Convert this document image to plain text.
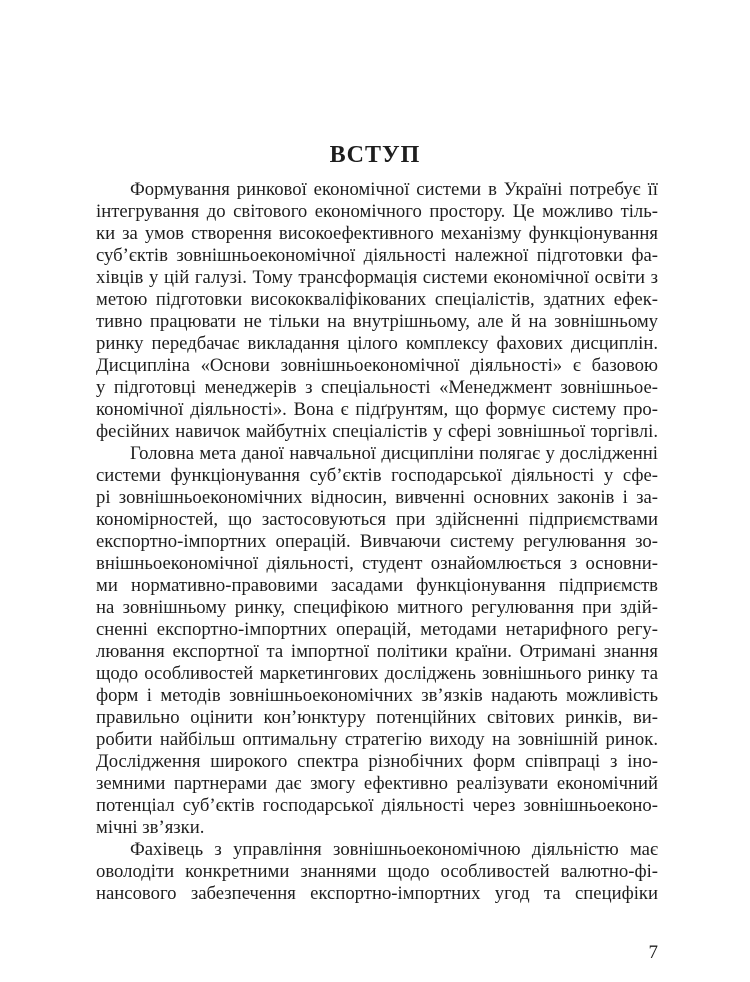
ВСТУП
Формування ринкової економічної системи в Україні потребує її
інтегрування до світового економічного простору. Це можливо тіль-
ки за умов створення високоефективного механізму функціонування
суб’єктів зовнішньоекономічної діяльності належної підготовки фа-
хівців у цій галузі. Тому трансформація системи економічної освіти з
метою підготовки висококваліфікованих спеціалістів, здатних ефек-
тивно працювати не тільки на внутрішньому, але й на зовнішньому
ринку передбачає викладання цілого комплексу фахових дисциплін.
Дисципліна «Основи зовнішньоекономічної діяльності» є базовою
у підготовці менеджерів з спеціальності «Менеджмент зовнішньое-
кономічної діяльності». Вона є підґрунтям, що формує систему про-
фесійних навичок майбутніх спеціалістів у сфері зовнішньої торгівлі.
Головна мета даної навчальної дисципліни полягає у дослідженні
системи функціонування суб’єктів господарської діяльності у сфе-
рі зовнішньоекономічних відносин, вивченні основних законів і за-
кономірностей, що застосовуються при здійсненні підприємствами
експортно-імпортних операцій. Вивчаючи систему регулювання зо-
внішньоекономічної діяльності, студент ознайомлюється з основни-
ми нормативно-правовими засадами функціонування підприємств
на зовнішньому ринку, специфікою митного регулювання при здій-
сненні експортно-імпортних операцій, методами нетарифного регу-
лювання експортної та імпортної політики країни. Отримані знання
щодо особливостей маркетингових досліджень зовнішнього ринку та
форм і методів зовнішньоекономічних зв’язків надають можливість
правильно оцінити кон’юнктуру потенційних світових ринків, ви-
робити найбільш оптимальну стратегію виходу на зовнішній ринок.
Дослідження широкого спектра різнобічних форм співпраці з іно-
земними партнерами дає змогу ефективно реалізувати економічний
потенціал суб’єктів господарської діяльності через зовнішньоеконо-
мічні зв’язки.
Фахівець з управління зовнішньоекономічною діяльністю має
оволодіти конкретними знаннями щодо особливостей валютно-фі-
нансового забезпечення експортно-імпортних угод та специфіки
7
